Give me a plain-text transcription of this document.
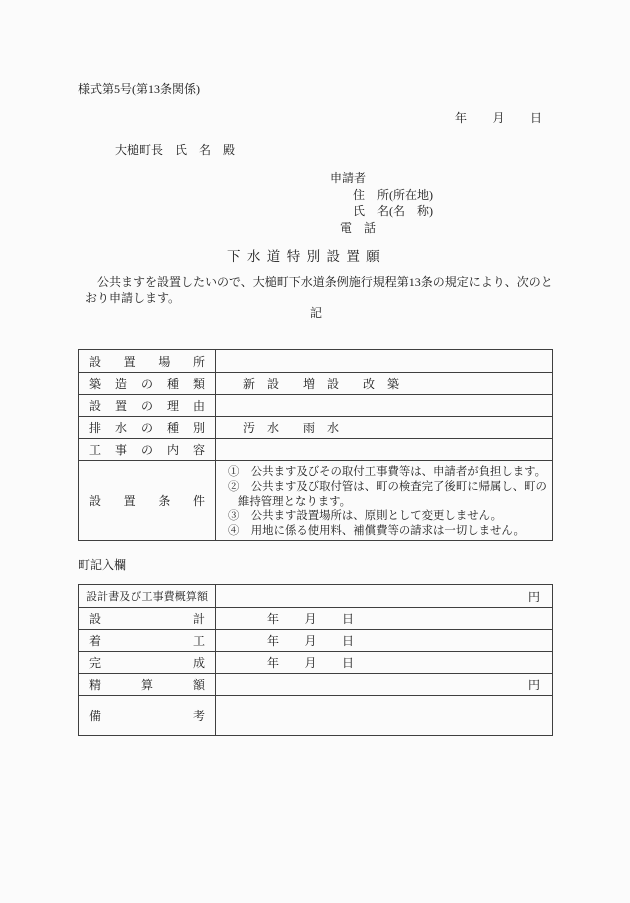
様式第5号(第13条関係)
年　　月　　日
大槌町長　氏　名　殿
申請者
住　所(所在地)
氏　名(名　称)
電　話
下水道特別設置願
　公共ますを設置したいので、大槌町下水道条例施行規程第13条の規定により、次のと
おり申請します。
記
設 置 場 所
築 造 の 種 類	新　設　　増　設　　改　築
設 置 の 理 由
排 水 の 種 別	汚　水　　雨　水
工 事 の 内 容
設 置 条 件
①　公共ます及びその取付工事費等は、申請者が負担します。
②　公共ます及び取付管は、町の検査完了後町に帰属し、町の
維持管理となります。
③　公共ます設置場所は、原則として変更しません。
④　用地に係る使用料、補償費等の請求は一切しません。
町記入欄
設 計 書 及 び 工 事 費 概 算 額	円
設	計	年　　月　　日
着	工	年　　月　　日
完	成	年　　月　　日
精	算	額	円
備	考
